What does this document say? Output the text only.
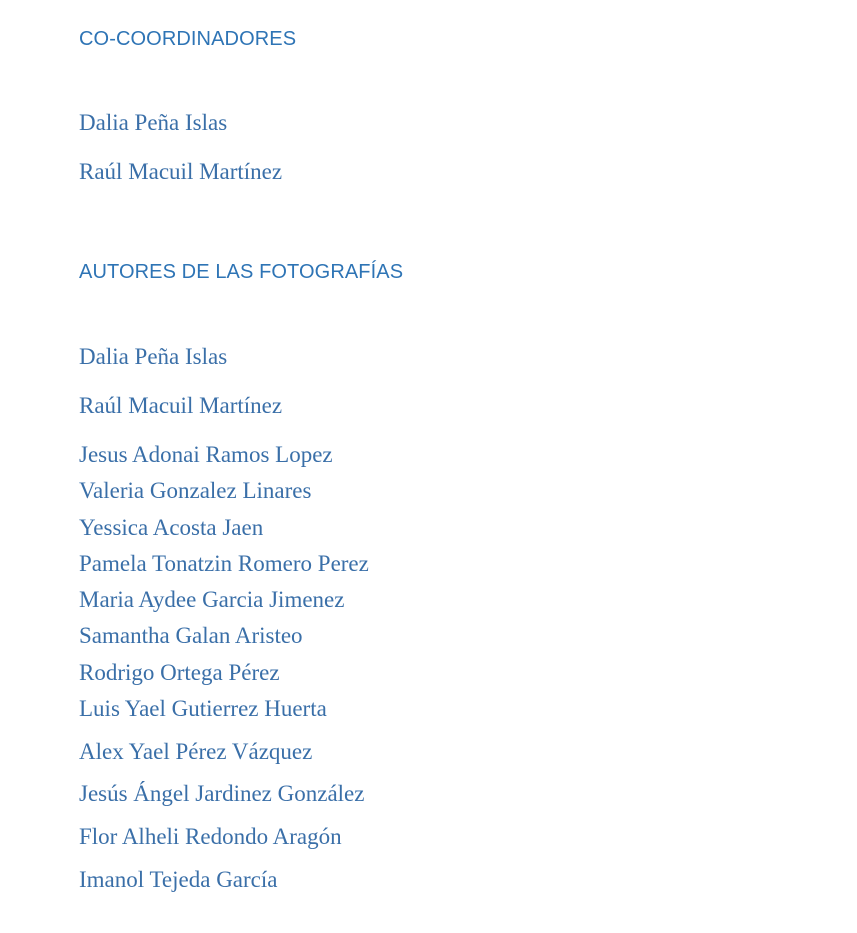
CO-COORDINADORES

Dalia Peña Islas

Raúl Macuil Martínez

AUTORES DE LAS FOTOGRAFÍAS

Dalia Peña Islas

Raúl Macuil Martínez

Jesus Adonai Ramos Lopez

Valeria Gonzalez Linares

Yessica Acosta Jaen

Pamela Tonatzin Romero Perez

Maria Aydee Garcia Jimenez

Samantha Galan Aristeo

Rodrigo Ortega Pérez

Luis Yael Gutierrez Huerta

Alex Yael Pérez Vázquez

Jesús Ángel Jardinez González

Flor Alheli Redondo Aragón

Imanol Tejeda García
